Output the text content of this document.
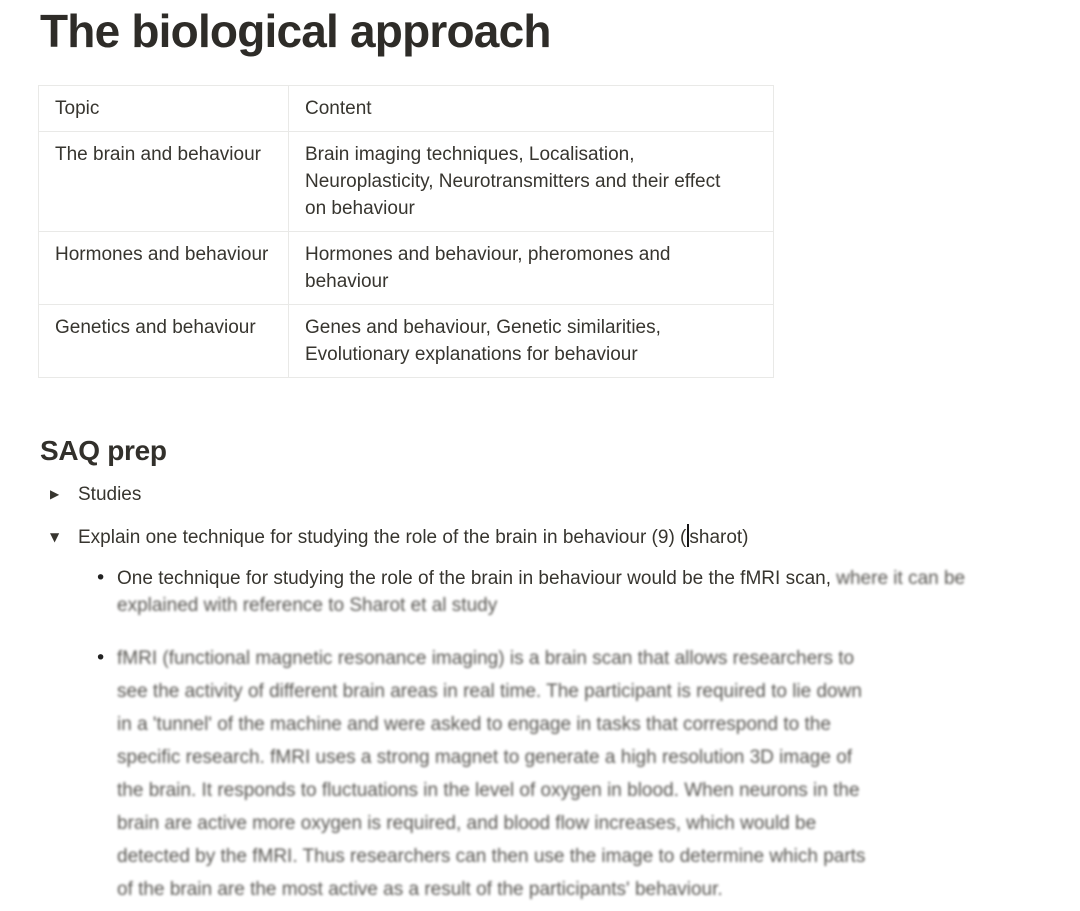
The biological approach
Topic	Content
The brain and behaviour	Brain imaging techniques, Localisation, Neuroplasticity, Neurotransmitters and their effect on behaviour

Hormones and behaviour	Hormones and behaviour, pheromones and behaviour

Genetics and behaviour	Genes and behaviour, Genetic similarities, Evolutionary explanations for behaviour
SAQ prep
▶ Studies
▼ Explain one technique for studying the role of the brain in behaviour (9) ( sharot)
• One technique for studying the role of the brain in behaviour would be the fMRI scan, where it can be explained with reference to Sharot et al study
• fMRI (functional magnetic resonance imaging) is a brain scan that allows researchers to
see the activity of different brain areas in real time. The participant is required to lie down
in a 'tunnel' of the machine and were asked to engage in tasks that correspond to the
specific research. fMRI uses a strong magnet to generate a high resolution 3D image of
the brain. It responds to fluctuations in the level of oxygen in blood. When neurons in the
brain are active more oxygen is required, and blood flow increases, which would be
detected by the fMRI. Thus researchers can then use the image to determine which parts
of the brain are the most active as a result of the participants' behaviour.
